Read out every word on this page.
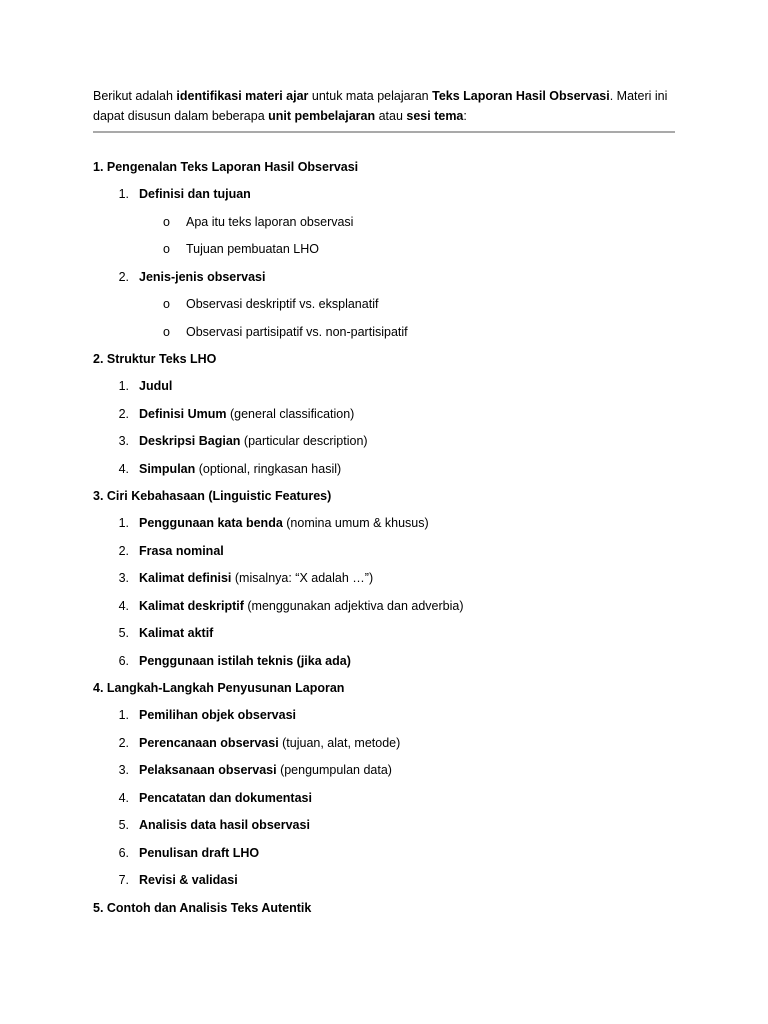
Berikut adalah identifikasi materi ajar untuk mata pelajaran Teks Laporan Hasil Observasi. Materi ini dapat disusun dalam beberapa unit pembelajaran atau sesi tema:

1. Pengenalan Teks Laporan Hasil Observasi
1. Definisi dan tujuan
o Apa itu teks laporan observasi
o Tujuan pembuatan LHO
2. Jenis-jenis observasi
o Observasi deskriptif vs. eksplanatif
o Observasi partisipatif vs. non-partisipatif
2. Struktur Teks LHO
1. Judul
2. Definisi Umum (general classification)
3. Deskripsi Bagian (particular description)
4. Simpulan (optional, ringkasan hasil)
3. Ciri Kebahasaan (Linguistic Features)
1. Penggunaan kata benda (nomina umum & khusus)
2. Frasa nominal
3. Kalimat definisi (misalnya: “X adalah …”)
4. Kalimat deskriptif (menggunakan adjektiva dan adverbia)
5. Kalimat aktif
6. Penggunaan istilah teknis (jika ada)
4. Langkah-Langkah Penyusunan Laporan
1. Pemilihan objek observasi
2. Perencanaan observasi (tujuan, alat, metode)
3. Pelaksanaan observasi (pengumpulan data)
4. Pencatatan dan dokumentasi
5. Analisis data hasil observasi
6. Penulisan draft LHO
7. Revisi & validasi
5. Contoh dan Analisis Teks Autentik
